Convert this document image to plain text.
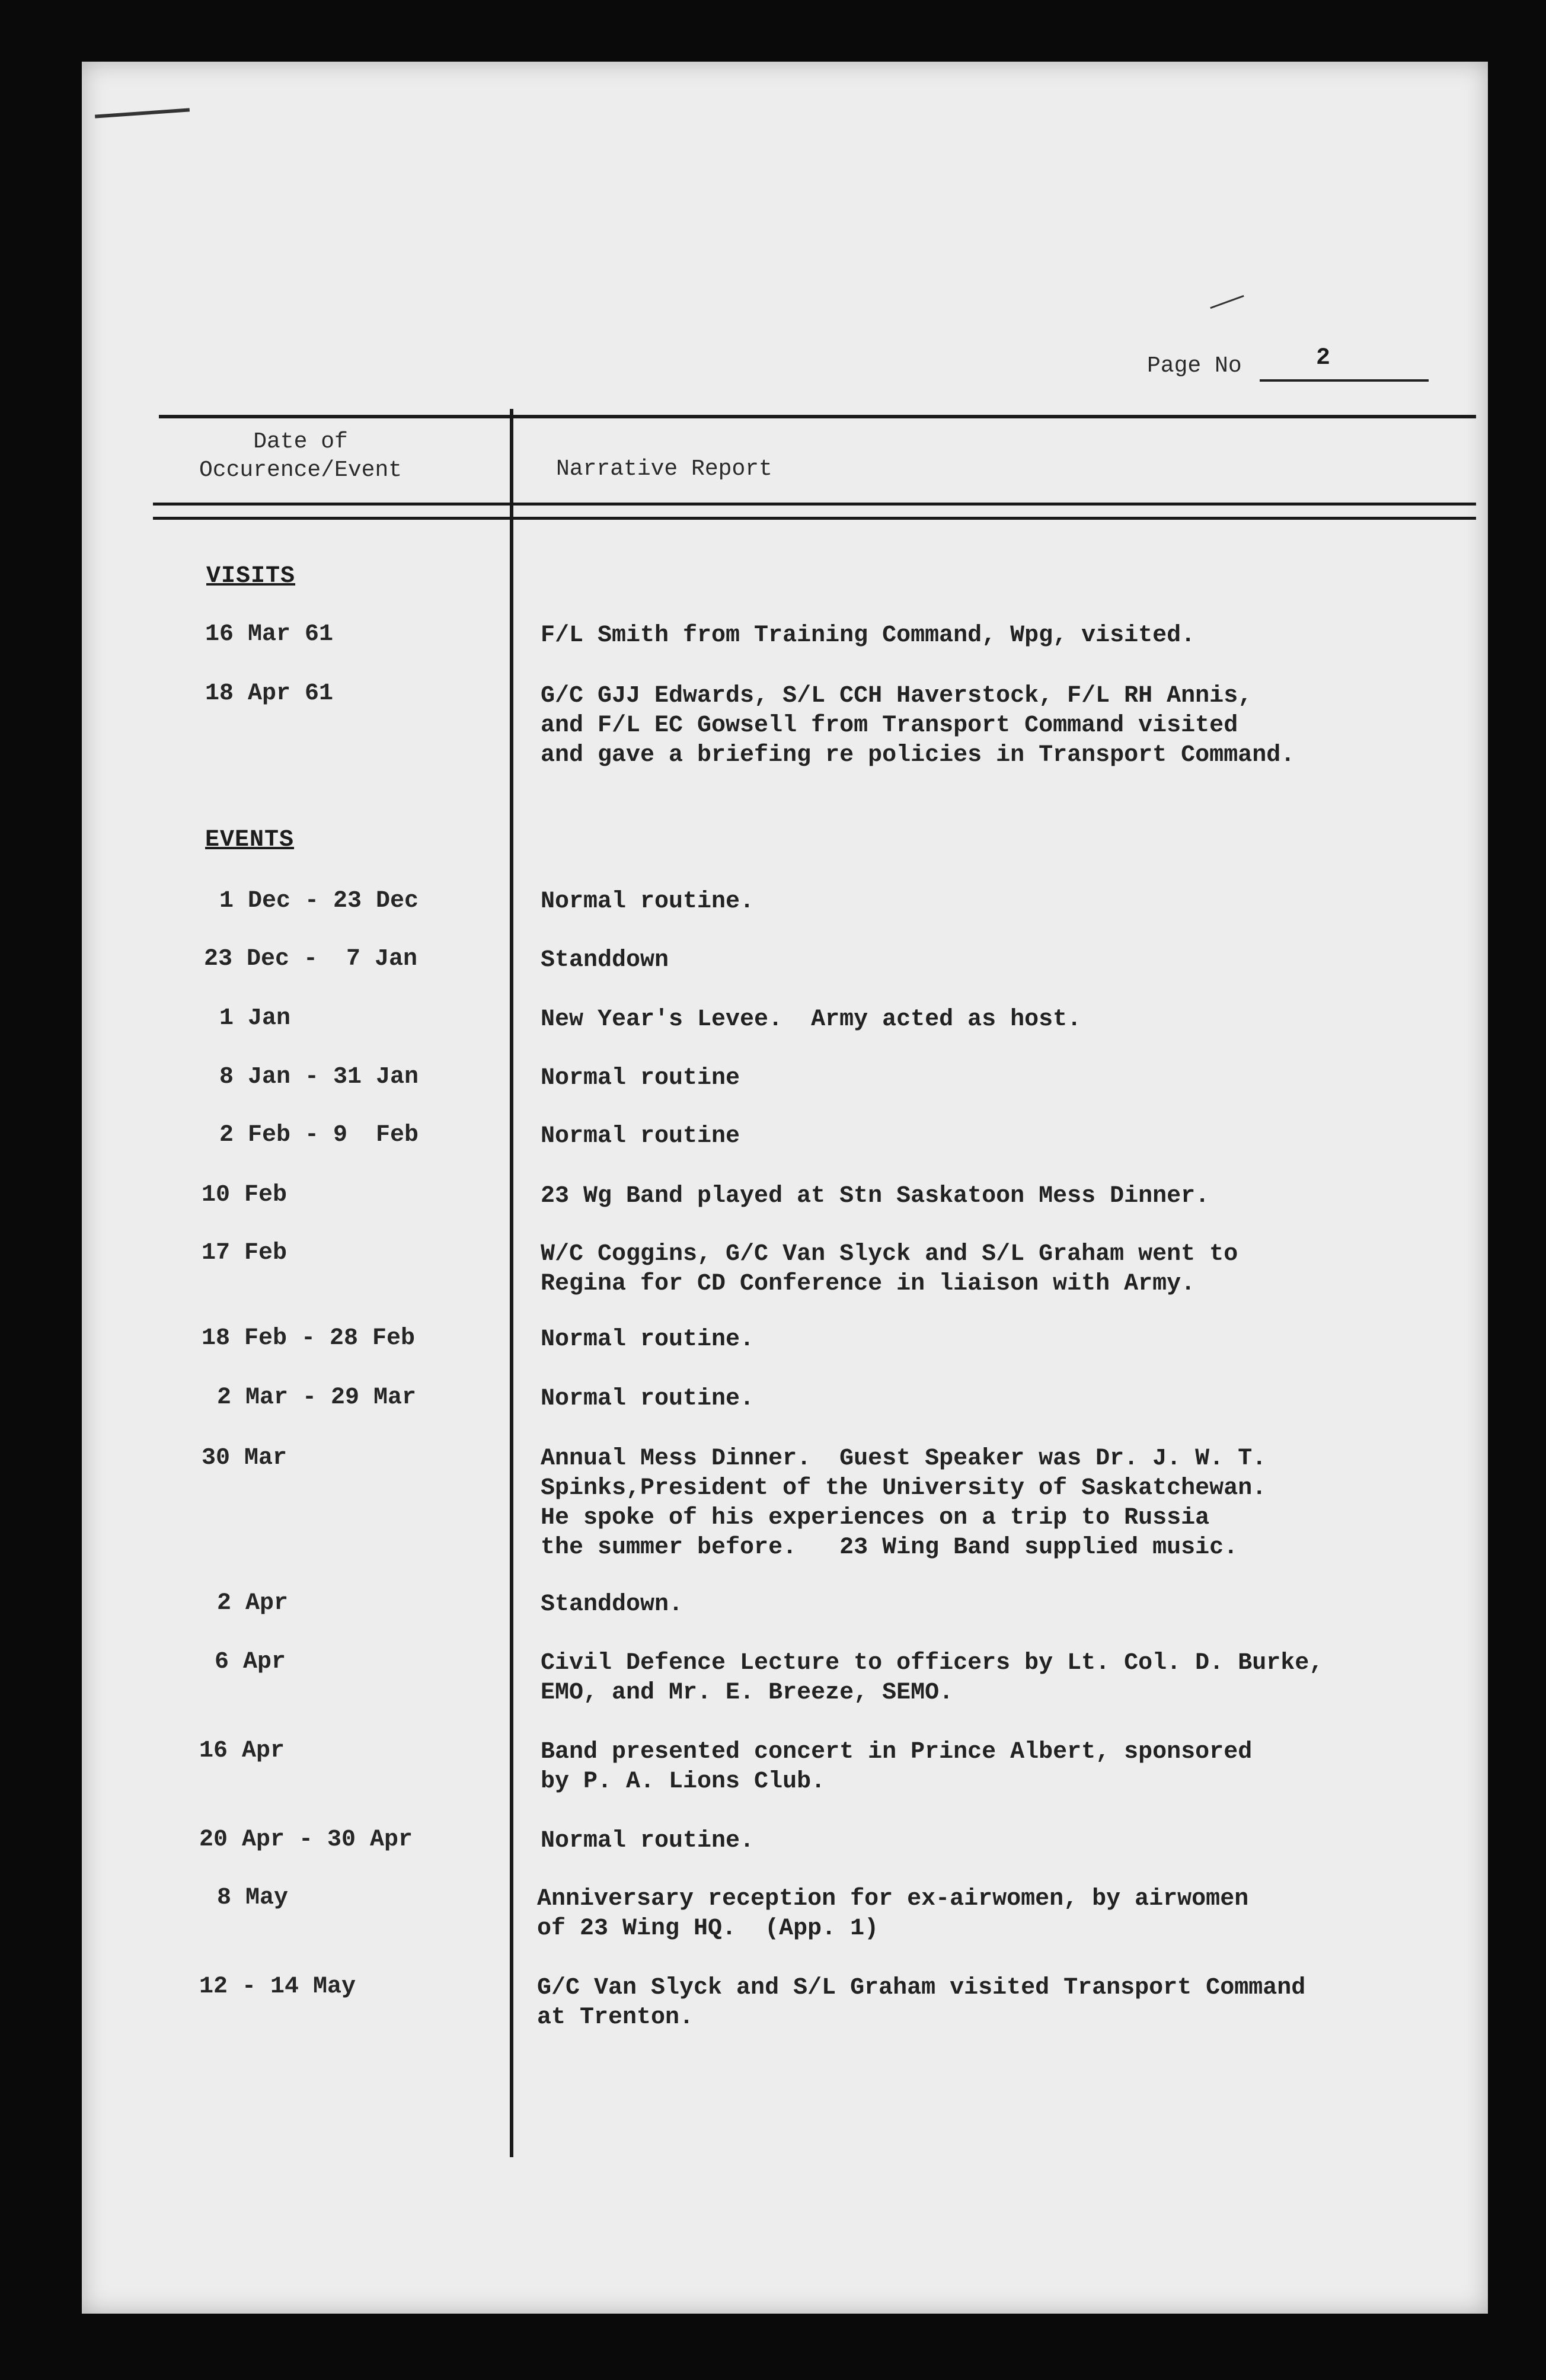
Page No	2
Date of
Occurence/Event	Narrative Report
VISITS
16 Mar 61	F/L Smith from Training Command, Wpg, visited.
18 Apr 61	G/C GJJ Edwards, S/L CCH Haverstock, F/L RH Annis,
and F/L EC Gowsell from Transport Command visited
and gave a briefing re policies in Transport Command.
EVENTS
1 Dec - 23 Dec	Normal routine.
23 Dec -  7 Jan	Standdown
1 Jan	New Year's Levee.  Army acted as host.
8 Jan - 31 Jan	Normal routine
2 Feb - 9  Feb	Normal routine
10 Feb	23 Wg Band played at Stn Saskatoon Mess Dinner.
17 Feb	W/C Coggins, G/C Van Slyck and S/L Graham went to
Regina for CD Conference in liaison with Army.
18 Feb - 28 Feb	Normal routine.
2 Mar - 29 Mar	Normal routine.
30 Mar	Annual Mess Dinner.  Guest Speaker was Dr. J. W. T.
Spinks,President of the University of Saskatchewan.
He spoke of his experiences on a trip to Russia
the summer before.   23 Wing Band supplied music.
2 Apr	Standdown.
6 Apr	Civil Defence Lecture to officers by Lt. Col. D. Burke,
EMO, and Mr. E. Breeze, SEMO.
16 Apr	Band presented concert in Prince Albert, sponsored
by P. A. Lions Club.
20 Apr - 30 Apr	Normal routine.
8 May	Anniversary reception for ex-airwomen, by airwomen
of 23 Wing HQ.  (App. 1)
12 - 14 May	G/C Van Slyck and S/L Graham visited Transport Command
at Trenton.
